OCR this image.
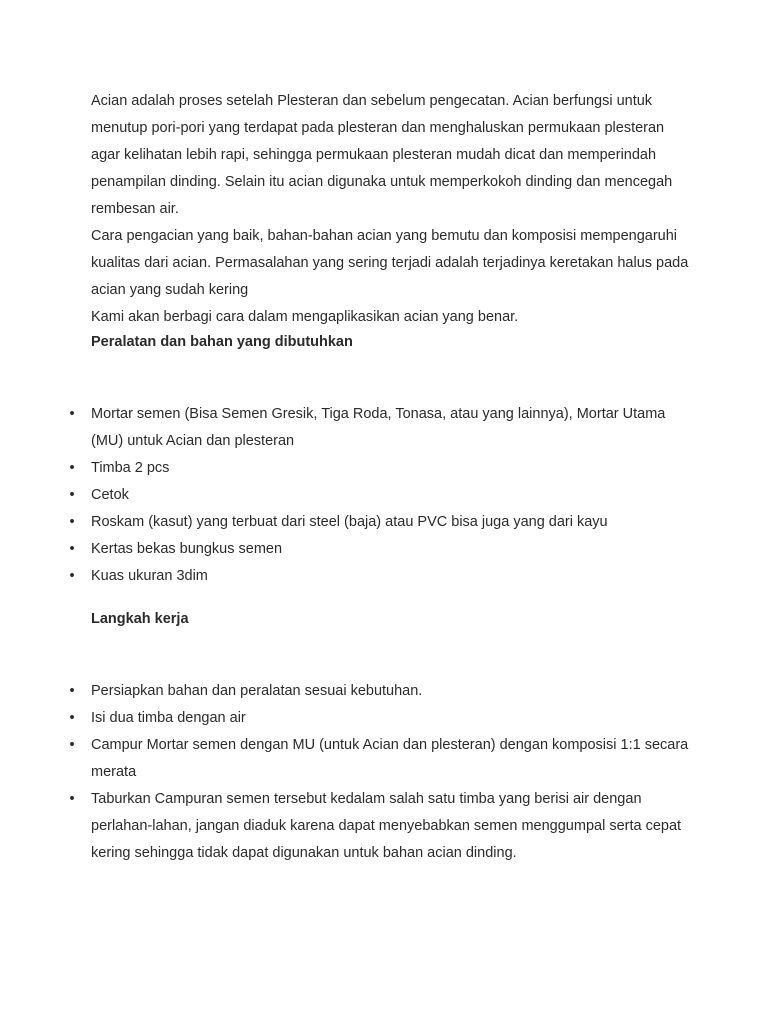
Acian adalah proses setelah Plesteran dan sebelum pengecatan. Acian berfungsi untuk menutup pori-pori yang terdapat pada plesteran dan menghaluskan permukaan plesteran agar kelihatan lebih rapi, sehingga permukaan plesteran mudah dicat dan memperindah penampilan dinding. Selain itu acian digunaka untuk memperkokoh dinding dan mencegah rembesan air.

Cara pengacian yang baik, bahan-bahan acian yang bemutu dan komposisi mempengaruhi kualitas dari acian. Permasalahan yang sering terjadi adalah terjadinya keretakan halus pada acian yang sudah kering

Kami akan berbagi cara dalam mengaplikasikan acian yang benar.

Peralatan dan bahan yang dibutuhkan
• Mortar semen (Bisa Semen Gresik, Tiga Roda, Tonasa, atau yang lainnya), Mortar Utama (MU) untuk Acian dan plesteran
• Timba 2 pcs
• Cetok
• Roskam (kasut) yang terbuat dari steel (baja) atau PVC bisa juga yang dari kayu
• Kertas bekas bungkus semen
• Kuas ukuran 3dim
Langkah kerja
• Persiapkan bahan dan peralatan sesuai kebutuhan.
• Isi dua timba dengan air
• Campur Mortar semen dengan MU (untuk Acian dan plesteran) dengan komposisi 1:1 secara merata
• Taburkan Campuran semen tersebut kedalam salah satu timba yang berisi air dengan perlahan-lahan, jangan diaduk karena dapat menyebabkan semen menggumpal serta cepat kering sehingga tidak dapat digunakan untuk bahan acian dinding.
